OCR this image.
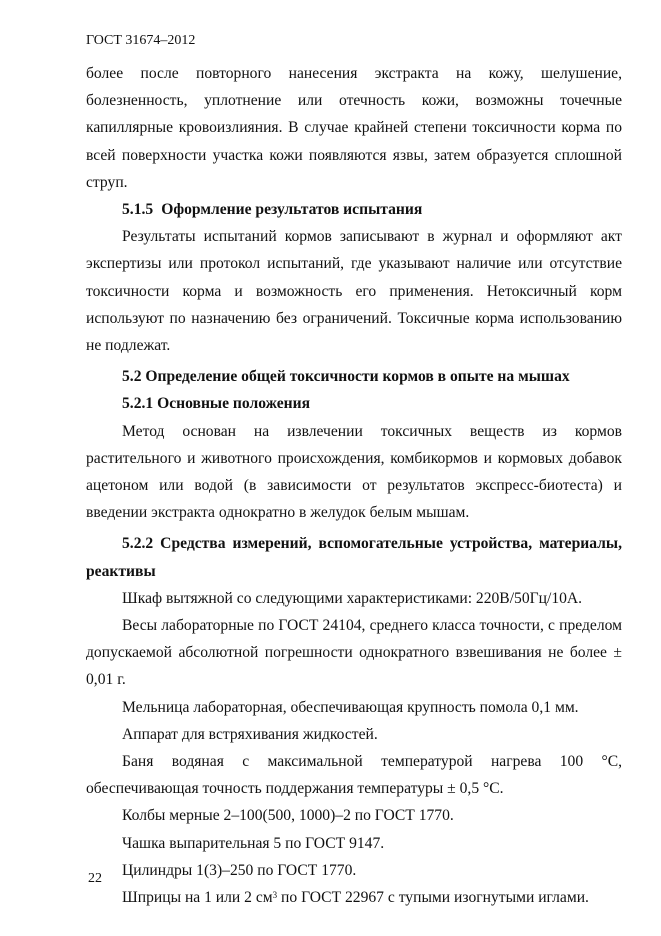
ГОСТ 31674–2012

более после повторного нанесения экстракта на кожу, шелушение, болезненность, уплотнение или отечность кожи, возможны точечные капиллярные кровоизлияния. В случае крайней степени токсичности корма по всей поверхности участка кожи появляются язвы, затем образуется сплошной струп.

5.1.5 Оформление результатов испытания

Результаты испытаний кормов записывают в журнал и оформляют акт экспертизы или протокол испытаний, где указывают наличие или отсутствие токсичности корма и возможность его применения. Нетоксичный корм используют по назначению без ограничений. Токсичные корма использованию не подлежат.

5.2 Определение общей токсичности кормов в опыте на мышах
5.2.1 Основные положения

Метод основан на извлечении токсичных веществ из кормов растительного и животного происхождения, комбикормов и кормовых добавок ацетоном или водой (в зависимости от результатов экспресс-биотеста) и введении экстракта однократно в желудок белым мышам.

5.2.2 Средства измерений, вспомогательные устройства, материалы, реактивы

Шкаф вытяжной со следующими характеристиками: 220В/50Гц/10А.

Весы лабораторные по ГОСТ 24104, среднего класса точности, с пределом допускаемой абсолютной погрешности однократного взвешивания не более ± 0,01 г.

Мельница лабораторная, обеспечивающая крупность помола 0,1 мм.

Аппарат для встряхивания жидкостей.

Баня водяная с максимальной температурой нагрева 100 °С, обеспечивающая точность поддержания температуры ± 0,5 °С.

Колбы мерные 2–100(500, 1000)–2 по ГОСТ 1770.

Чашка выпарительная 5 по ГОСТ 9147.

Цилиндры 1(3)–250 по ГОСТ 1770.

Шприцы на 1 или 2 $см^3$ по ГОСТ 22967 с тупыми изогнутыми иглами.

22
